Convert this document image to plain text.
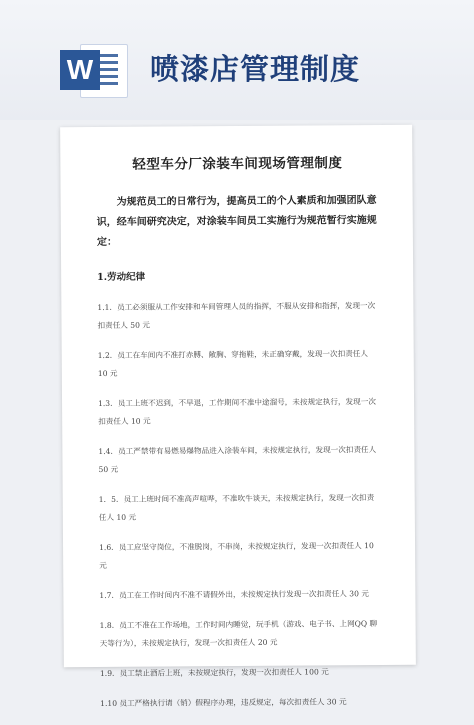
W 喷漆店管理制度
轻型车分厂涂装车间现场管理制度
为规范员工的日常行为，提高员工的个人素质和加强团队意识，经车间研究决定，对涂装车间员工实施行为规范暂行实施规定：
1.劳动纪律
1.1．员工必须服从工作安排和车间管理人员的指挥，不服从安排和指挥，发现一次扣责任人 50 元
1.2．员工在车间内不准打赤膊、敞胸、穿拖鞋，未正确穿戴，发现一次扣责任人 10 元
1.3．员工上班不迟到，不早退，工作期间不准中途溜号，未按规定执行，发现一次扣责任人 10 元
1.4．员工严禁带有易燃易爆物品进入涂装车间，未按规定执行，发现一次扣责任人 50 元
1．5．员工上班时间不准高声喧哗，不准吹牛谈天，未按规定执行，发现一次扣责任人 10 元
1.6．员工应坚守岗位，不准脱岗，不串岗，未按规定执行，发现一次扣责任人 10 元
1.7．员工在工作时间内不准不请假外出，未按规定执行发现一次扣责任人 30 元
1.8．员工不准在工作场地，工作时间内睡觉，玩手机（游戏、电子书、上网QQ 聊天等行为），未按规定执行，发现一次扣责任人 20 元
1.9．员工禁止酒后上班，未按规定执行，发现一次扣责任人 100 元
1.10 员工严格执行请（销）假程序办理，违反规定，每次扣责任人 30 元
